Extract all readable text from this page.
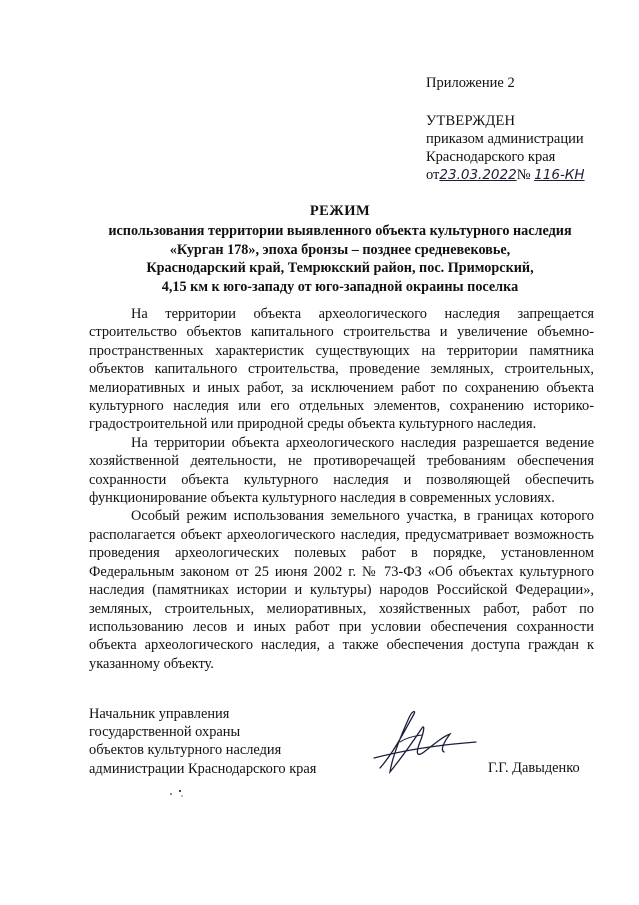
Приложение 2
УТВЕРЖДЕН
приказом администрации
Краснодарского края
от23.03.2022№ 116-КН
РЕЖИМ
использования территории выявленного объекта культурного наследия
«Курган 178», эпоха бронзы – позднее средневековье,
Краснодарский край, Темрюкский район, пос. Приморский,
4,15 км к юго-западу от юго-западной окраины поселка

На территории объекта археологического наследия запрещается строительство объектов капитального строительства и увеличение объемно-пространственных характеристик существующих на территории памятника объектов капитального строительства, проведение земляных, строительных, мелиоративных и иных работ, за исключением работ по сохранению объекта культурного наследия или его отдельных элементов, сохранению историко-градостроительной или природной среды объекта культурного наследия.

На территории объекта археологического наследия разрешается ведение хозяйственной деятельности, не противоречащей требованиям обеспечения сохранности объекта культурного наследия и позволяющей обеспечить функционирование объекта культурного наследия в современных условиях.

Особый режим использования земельного участка, в границах которого располагается объект археологического наследия, предусматривает возможность проведения археологических полевых работ в порядке, установленном Федеральным законом от 25 июня 2002 г. № 73-ФЗ «Об объектах культурного наследия (памятниках истории и культуры) народов Российской Федерации», земляных, строительных, мелиоративных, хозяйственных работ, работ по использованию лесов и иных работ при условии обеспечения сохранности объекта археологического наследия, а также обеспечения доступа граждан к указанному объекту.

Начальник управления
государственной охраны
объектов культурного наследия
администрации Краснодарского края	Г.Г. Давыденко
